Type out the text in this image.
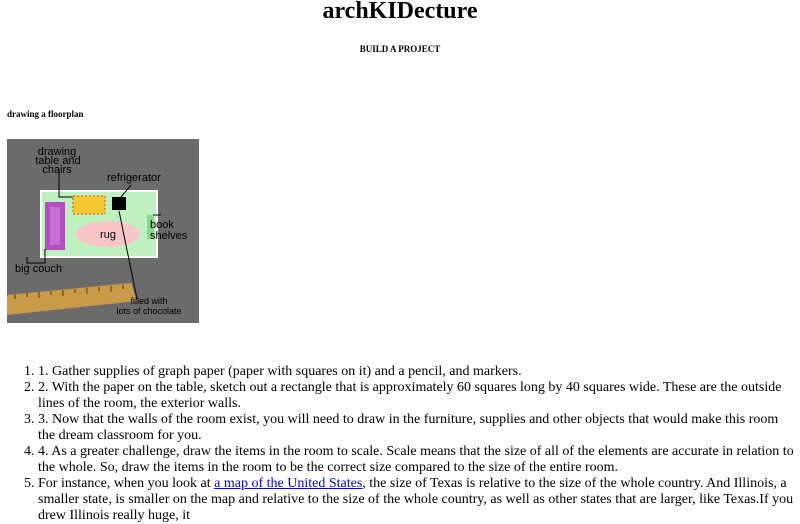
archKIDecture
BUILD A PROJECT
drawing a floorplan
drawing
table and
chairs
refrigerator
rug
book
shelves
big couch
filled with
lots of chocolate
1. 1. Gather supplies of graph paper (paper with squares on it) and a pencil, and markers.
2. 2. With the paper on the table, sketch out a rectangle that is approximately 60 squares long by 40 squares wide. These are the outside lines of the room, the exterior walls.
3. 3. Now that the walls of the room exist, you will need to draw in the furniture, supplies and other objects that would make this room the dream classroom for you.
4. 4. As a greater challenge, draw the items in the room to scale. Scale means that the size of all of the elements are accurate in relation to the whole. So, draw the items in the room to be the correct size compared to the size of the entire room.
5. For instance, when you look at a map of the United States, the size of Texas is relative to the size of the whole country. And Illinois, a smaller state, is smaller on the map and relative to the size of the whole country, as well as other states that are larger, like Texas.If you drew Illinois really huge, it
